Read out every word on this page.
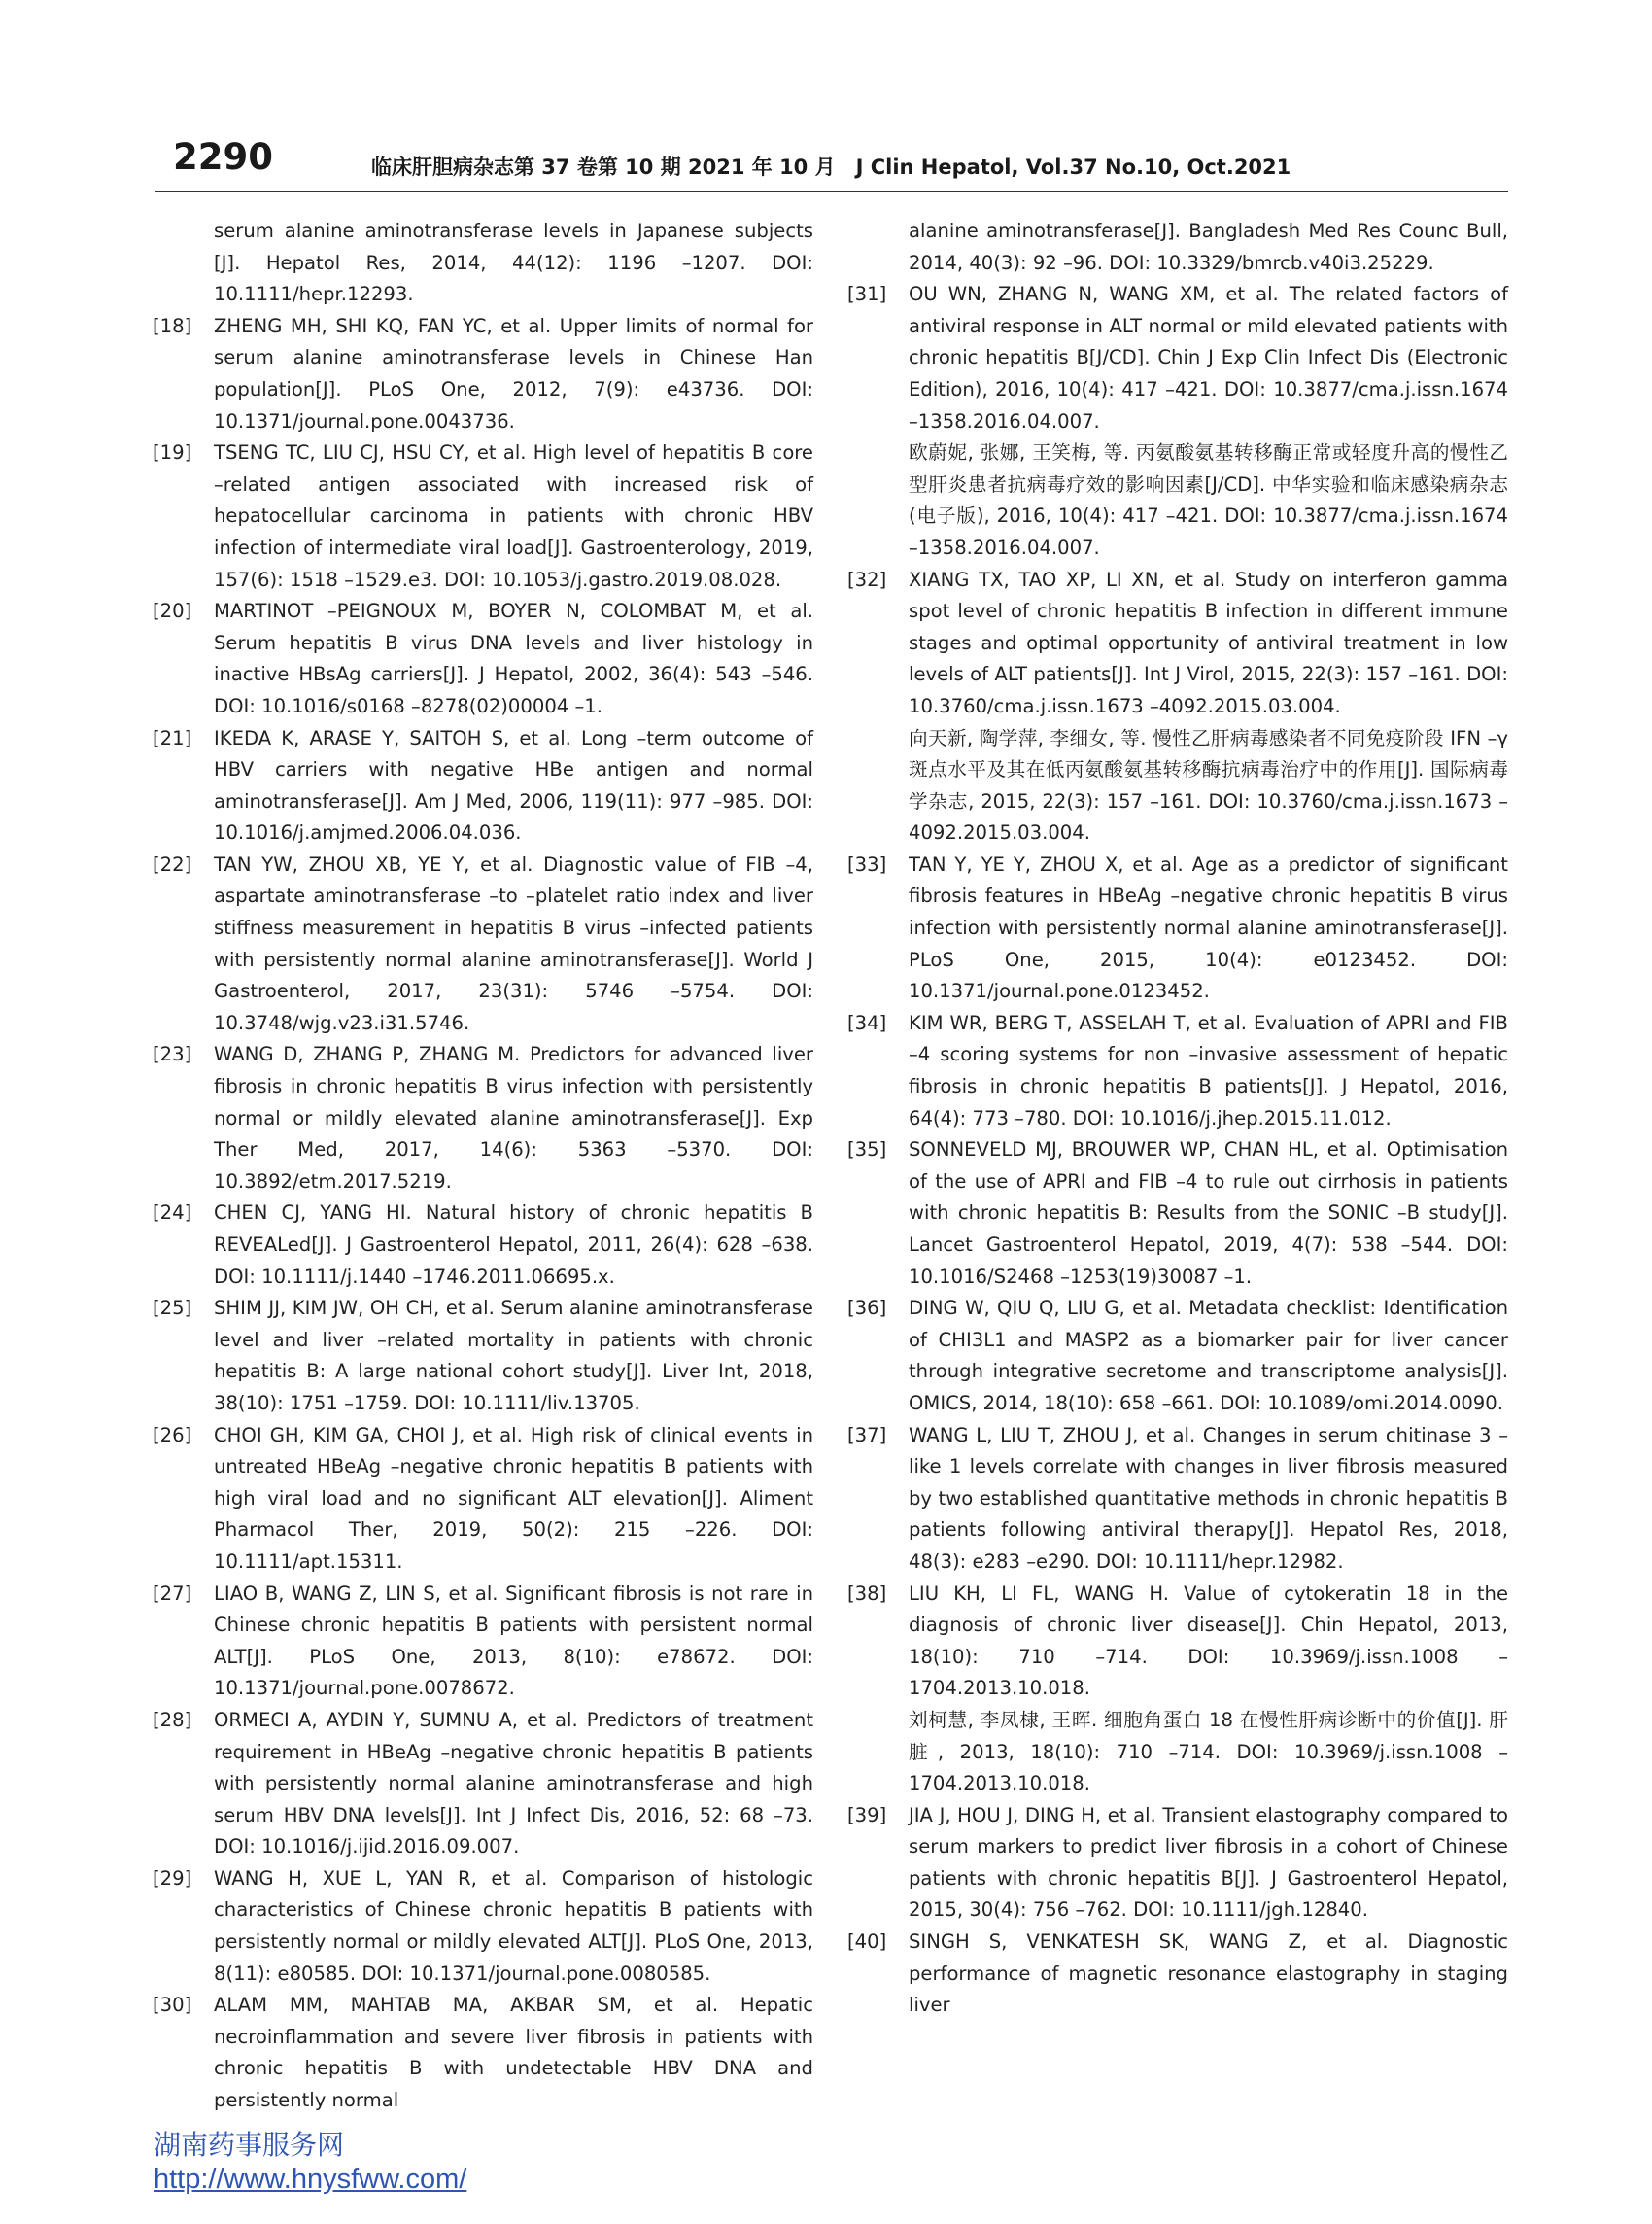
2290	临床肝胆病杂志第 37 卷第 10 期 2021 年 10 月　J Clin Hepatol, Vol.37 No.10, Oct.2021
serum alanine aminotransferase levels in Japanese subjects [J]. Hepatol Res, 2014, 44(12): 1196 –1207. DOI: 10.1111/hepr.12293.
[18] ZHENG MH, SHI KQ, FAN YC, et al. Upper limits of normal for serum alanine aminotransferase levels in Chinese Han population[J]. PLoS One, 2012, 7(9): e43736. DOI: 10.1371/journal.pone.0043736.
[19] TSENG TC, LIU CJ, HSU CY, et al. High level of hepatitis B core –related antigen associated with increased risk of hepatocellular carcinoma in patients with chronic HBV infection of intermediate viral load[J]. Gastroenterology, 2019, 157(6): 1518 –1529.e3. DOI: 10.1053/j.gastro.2019.08.028.
[20] MARTINOT –PEIGNOUX M, BOYER N, COLOMBAT M, et al. Serum hepatitis B virus DNA levels and liver histology in inactive HBsAg carriers[J]. J Hepatol, 2002, 36(4): 543 –546. DOI: 10.1016/s0168 –8278(02)00004 –1.
[21] IKEDA K, ARASE Y, SAITOH S, et al. Long –term outcome of HBV carriers with negative HBe antigen and normal aminotransferase[J]. Am J Med, 2006, 119(11): 977 –985. DOI: 10.1016/j.amjmed.2006.04.036.
[22] TAN YW, ZHOU XB, YE Y, et al. Diagnostic value of FIB –4, aspartate aminotransferase –to –platelet ratio index and liver stiffness measurement in hepatitis B virus –infected patients with persistently normal alanine aminotransferase[J]. World J Gastroenterol, 2017, 23(31): 5746 –5754. DOI: 10.3748/wjg.v23.i31.5746.
[23] WANG D, ZHANG P, ZHANG M. Predictors for advanced liver fibrosis in chronic hepatitis B virus infection with persistently normal or mildly elevated alanine aminotransferase[J]. Exp Ther Med, 2017, 14(6): 5363 –5370. DOI: 10.3892/etm.2017.5219.
[24] CHEN CJ, YANG HI. Natural history of chronic hepatitis B REVEALed[J]. J Gastroenterol Hepatol, 2011, 26(4): 628 –638. DOI: 10.1111/j.1440 –1746.2011.06695.x.
[25] SHIM JJ, KIM JW, OH CH, et al. Serum alanine aminotransferase level and liver –related mortality in patients with chronic hepatitis B: A large national cohort study[J]. Liver Int, 2018, 38(10): 1751 –1759. DOI: 10.1111/liv.13705.
[26] CHOI GH, KIM GA, CHOI J, et al. High risk of clinical events in untreated HBeAg –negative chronic hepatitis B patients with high viral load and no significant ALT elevation[J]. Aliment Pharmacol Ther, 2019, 50(2): 215 –226. DOI: 10.1111/apt.15311.
[27] LIAO B, WANG Z, LIN S, et al. Significant fibrosis is not rare in Chinese chronic hepatitis B patients with persistent normal ALT[J]. PLoS One, 2013, 8(10): e78672. DOI: 10.1371/journal.pone.0078672.
[28] ORMECI A, AYDIN Y, SUMNU A, et al. Predictors of treatment requirement in HBeAg –negative chronic hepatitis B patients with persistently normal alanine aminotransferase and high serum HBV DNA levels[J]. Int J Infect Dis, 2016, 52: 68 –73. DOI: 10.1016/j.ijid.2016.09.007.
[29] WANG H, XUE L, YAN R, et al. Comparison of histologic characteristics of Chinese chronic hepatitis B patients with persistently normal or mildly elevated ALT[J]. PLoS One, 2013, 8(11): e80585. DOI: 10.1371/journal.pone.0080585.
[30] ALAM MM, MAHTAB MA, AKBAR SM, et al. Hepatic necroinflammation and severe liver fibrosis in patients with chronic hepatitis B with undetectable HBV DNA and persistently normal
alanine aminotransferase[J]. Bangladesh Med Res Counc Bull, 2014, 40(3): 92 –96. DOI: 10.3329/bmrcb.v40i3.25229.
[31] OU WN, ZHANG N, WANG XM, et al. The related factors of antiviral response in ALT normal or mild elevated patients with chronic hepatitis B[J/CD]. Chin J Exp Clin Infect Dis (Electronic Edition), 2016, 10(4): 417 –421. DOI: 10.3877/cma.j.issn.1674 –1358.2016.04.007.
欧蔚妮, 张娜, 王笑梅, 等. 丙氨酸氨基转移酶正常或轻度升高的慢性乙型肝炎患者抗病毒疗效的影响因素[J/CD]. 中华实验和临床感染病杂志(电子版), 2016, 10(4): 417 –421. DOI: 10.3877/cma.j.issn.1674 –1358.2016.04.007.
[32] XIANG TX, TAO XP, LI XN, et al. Study on interferon gamma spot level of chronic hepatitis B infection in different immune stages and optimal opportunity of antiviral treatment in low levels of ALT patients[J]. Int J Virol, 2015, 22(3): 157 –161. DOI: 10.3760/cma.j.issn.1673 –4092.2015.03.004.
向天新, 陶学萍, 李细女, 等. 慢性乙肝病毒感染者不同免疫阶段 IFN –γ 斑点水平及其在低丙氨酸氨基转移酶抗病毒治疗中的作用[J]. 国际病毒学杂志, 2015, 22(3): 157 –161. DOI: 10.3760/cma.j.issn.1673 –4092.2015.03.004.
[33] TAN Y, YE Y, ZHOU X, et al. Age as a predictor of significant fibrosis features in HBeAg –negative chronic hepatitis B virus infection with persistently normal alanine aminotransferase[J]. PLoS One, 2015, 10(4): e0123452. DOI: 10.1371/journal.pone.0123452.
[34] KIM WR, BERG T, ASSELAH T, et al. Evaluation of APRI and FIB –4 scoring systems for non –invasive assessment of hepatic fibrosis in chronic hepatitis B patients[J]. J Hepatol, 2016, 64(4): 773 –780. DOI: 10.1016/j.jhep.2015.11.012.
[35] SONNEVELD MJ, BROUWER WP, CHAN HL, et al. Optimisation of the use of APRI and FIB –4 to rule out cirrhosis in patients with chronic hepatitis B: Results from the SONIC –B study[J]. Lancet Gastroenterol Hepatol, 2019, 4(7): 538 –544. DOI: 10.1016/S2468 –1253(19)30087 –1.
[36] DING W, QIU Q, LIU G, et al. Metadata checklist: Identification of CHI3L1 and MASP2 as a biomarker pair for liver cancer through integrative secretome and transcriptome analysis[J]. OMICS, 2014, 18(10): 658 –661. DOI: 10.1089/omi.2014.0090.
[37] WANG L, LIU T, ZHOU J, et al. Changes in serum chitinase 3 –like 1 levels correlate with changes in liver fibrosis measured by two established quantitative methods in chronic hepatitis B patients following antiviral therapy[J]. Hepatol Res, 2018, 48(3): e283 –e290. DOI: 10.1111/hepr.12982.
[38] LIU KH, LI FL, WANG H. Value of cytokeratin 18 in the diagnosis of chronic liver disease[J]. Chin Hepatol, 2013, 18(10): 710 –714. DOI: 10.3969/j.issn.1008 –1704.2013.10.018.
刘柯慧, 李凤棣, 王晖. 细胞角蛋白 18 在慢性肝病诊断中的价值[J]. 肝脏, 2013, 18(10): 710 –714. DOI: 10.3969/j.issn.1008 –1704.2013.10.018.
[39] JIA J, HOU J, DING H, et al. Transient elastography compared to serum markers to predict liver fibrosis in a cohort of Chinese patients with chronic hepatitis B[J]. J Gastroenterol Hepatol, 2015, 30(4): 756 –762. DOI: 10.1111/jgh.12840.
[40] SINGH S, VENKATESH SK, WANG Z, et al. Diagnostic performance of magnetic resonance elastography in staging liver
湖南药事服务网
http://www.hnysfww.com/
